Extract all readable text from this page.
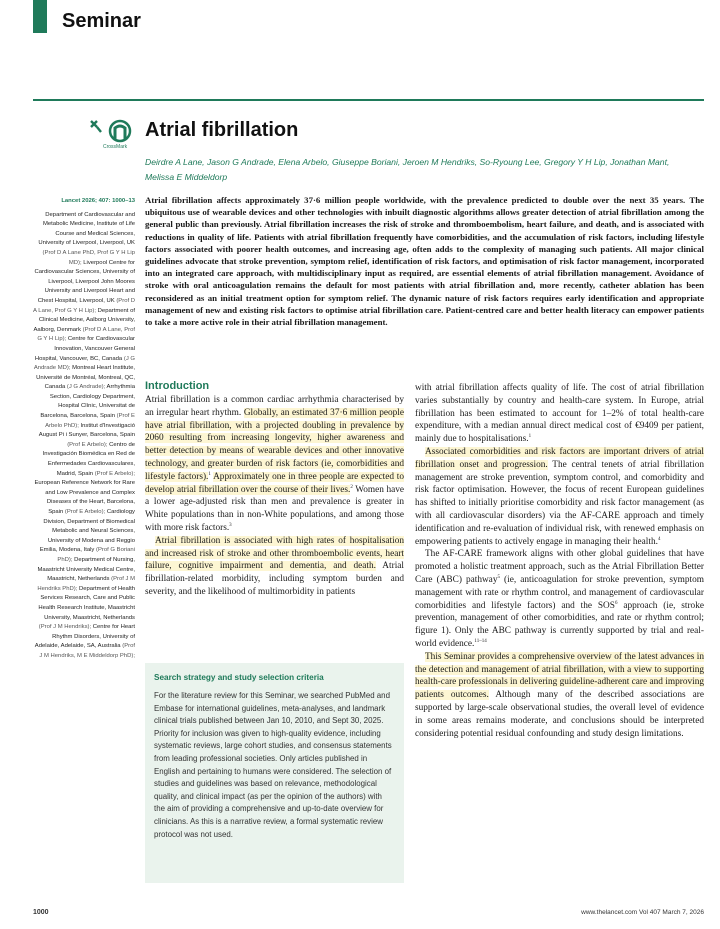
Seminar
CrossMark
Atrial fibrillation
Deirdre A Lane, Jason G Andrade, Elena Arbelo, Giuseppe Boriani, Jeroen M Hendriks, So-Ryoung Lee, Gregory Y H Lip, Jonathan Mant, Melissa E Middeldorp
Lancet 2026; 407: 1000–13
Department of Cardiovascular and Metabolic Medicine, Institute of Life Course and Medical Sciences, University of Liverpool, Liverpool, UK (Prof D A Lane PhD, Prof G Y H Lip MD); Liverpool Centre for Cardiovascular Sciences, University of Liverpool, Liverpool John Moores University and Liverpool Heart and Chest Hospital, Liverpool, UK (Prof D A Lane, Prof G Y H Lip); Department of Clinical Medicine, Aalborg University, Aalborg, Denmark (Prof D A Lane, Prof G Y H Lip); Centre for Cardiovascular Innovation, Vancouver General Hospital, Vancouver, BC, Canada (J G Andrade MD); Montreal Heart Institute, Université de Montréal, Montreal, QC, Canada (J G Andrade); Arrhythmia Section, Cardiology Department, Hospital Clínic, Universitat de Barcelona, Barcelona, Spain (Prof E Arbelo PhD); Institut d'Investigació August Pi i Sunyer, Barcelona, Spain (Prof E Arbelo); Centro de Investigación Biomédica en Red de Enfermedades Cardiovasculares, Madrid, Spain (Prof E Arbelo); European Reference Network for Rare and Low Prevalence and Complex Diseases of the Heart, Barcelona, Spain (Prof E Arbelo); Cardiology Division, Department of Biomedical Metabolic and Neural Sciences, University of Modena and Reggio Emilia, Modena, Italy (Prof G Boriani PhD); Department of Nursing, Maastricht University Medical Centre, Maastricht, Netherlands (Prof J M Hendriks PhD); Department of Health Services Research, Care and Public Health Research Institute, Maastricht University, Maastricht, Netherlands (Prof J M Hendriks); Centre for Heart Rhythm Disorders, University of Adelaide, Adelaide, SA, Australia (Prof J M Hendriks, M E Middeldorp PhD);

Atrial fibrillation affects approximately 37·6 million people worldwide, with the prevalence predicted to double over the next 35 years. The ubiquitous use of wearable devices and other technologies with inbuilt diagnostic algorithms allows greater detection of atrial fibrillation among the general public than previously. Atrial fibrillation increases the risk of stroke and thromboembolism, heart failure, and death, and is associated with reductions in quality of life. Patients with atrial fibrillation frequently have comorbidities, and the accumulation of risk factors, including lifestyle factors associated with poorer health outcomes, and increasing age, often adds to the complexity of managing such patients. All major clinical guidelines advocate that stroke prevention, symptom relief, identification of risk factors, and optimisation of risk factor management, incorporated into an integrated care approach, with multidisciplinary input as required, are essential elements of atrial fibrillation management. Avoidance of stroke with oral anticoagulation remains the default for most patients with atrial fibrillation and, more recently, catheter ablation has been reconsidered as an initial treatment option for symptom relief. The dynamic nature of risk factors requires early identification and appropriate management of new and existing risk factors to optimise atrial fibrillation care. Patient-centred care and better health literacy can empower patients to take a more active role in their atrial fibrillation management.

Introduction

Atrial fibrillation is a common cardiac arrhythmia characterised by an irregular heart rhythm. Globally, an estimated 37·6 million people have atrial fibrillation, with a projected doubling in prevalence by 2060 resulting from increasing longevity, higher awareness and better detection by means of wearable devices and other innovative technology, and greater burden of risk factors (ie, comorbidities and lifestyle factors).$^1$ Approximately one in three people are expected to develop atrial fibrillation over the course of their lives.$^2$ Women have a lower age-adjusted risk than men and prevalence is greater in White populations than in non-White populations, and among those with more risk factors.$^3$

Atrial fibrillation is associated with high rates of hospitalisation and increased risk of stroke and other thromboembolic events, heart failure, cognitive impairment and dementia, and death. Atrial fibrillation-related morbidity, including symptom burden and severity, and the likelihood of multimorbidity in patients

Search strategy and study selection criteria

For the literature review for this Seminar, we searched PubMed and Embase for international guidelines, meta-analyses, and landmark clinical trials published between Jan 10, 2010, and Sept 30, 2025. Priority for inclusion was given to high-quality evidence, including systematic reviews, large cohort studies, and consensus statements from leading professional societies. Only articles published in English and pertaining to humans were considered. The selection of studies and guidelines was based on relevance, methodological quality, and clinical impact (as per the opinion of the authors) with the aim of providing a comprehensive and up-to-date overview for clinicians. As this is a narrative review, a formal systematic review protocol was not used.

with atrial fibrillation affects quality of life. The cost of atrial fibrillation varies substantially by country and health-care system. In Europe, atrial fibrillation has been estimated to account for 1–2% of total health-care expenditure, with a median annual direct medical cost of €9409 per patient, mainly due to hospitalisations.$^1$

Associated comorbidities and risk factors are important drivers of atrial fibrillation onset and progression. The central tenets of atrial fibrillation management are stroke prevention, symptom control, and comorbidity and risk factor optimisation. However, the focus of recent European guidelines has shifted to initially prioritise comorbidity and risk factor management (as with all cardiovascular disorders) via the AF-CARE approach and timely identification and re-evaluation of individual risk, with renewed emphasis on empowering patients to actively engage in managing their health.$^4$

The AF-CARE framework aligns with other global guidelines that have promoted a holistic treatment approach, such as the Atrial Fibrillation Better Care (ABC) pathway$^5$ (ie, anticoagulation for stroke prevention, symptom management with rate or rhythm control, and management of cardiovascular comorbidities and lifestyle factors) and the SOS$^6$ approach (ie, stroke prevention, management of other comorbidities, and rate or rhythm control; figure 1). Only the ABC pathway is currently supported by trial and real-world evidence.$^{11-14}$

This Seminar provides a comprehensive overview of the latest advances in the detection and management of atrial fibrillation, with a view to supporting health-care professionals in delivering guideline-adherent care and improving patients outcomes. Although many of the described associations are supported by large-scale observational studies, the overall level of evidence in some areas remains moderate, and conclusions should be interpreted considering potential residual confounding and study design limitations.

1000	www.thelancet.com Vol 407 March 7, 2026
